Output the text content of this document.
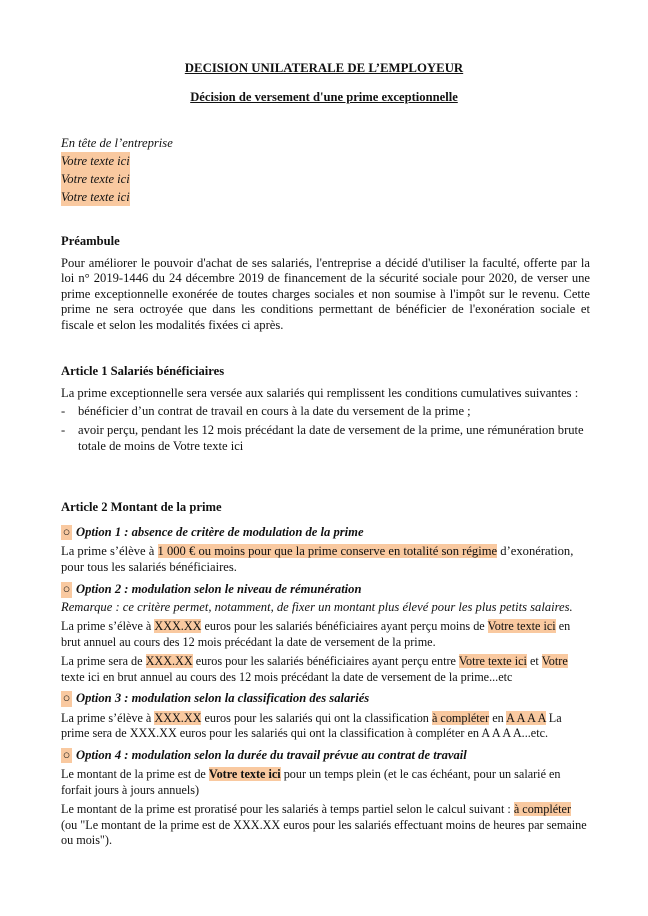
DECISION UNILATERALE DE L’EMPLOYEUR
Décision de versement d'une prime exceptionnelle

En tête de l’entreprise

Votre texte ici

Votre texte ici

Votre texte ici

Préambule

Pour améliorer le pouvoir d'achat de ses salariés, l'entreprise a décidé d'utiliser la faculté, offerte par la loi n° 2019-1446 du 24 décembre 2019 de financement de la sécurité sociale pour 2020, de verser une prime exceptionnelle exonérée de toutes charges sociales et non soumise à l'impôt sur le revenu. Cette prime ne sera octroyée que dans les conditions permettant de bénéficier de l'exonération sociale et fiscale et selon les modalités fixées ci après.

Article 1 Salariés bénéficiaires

La prime exceptionnelle sera versée aux salariés qui remplissent les conditions cumulatives suivantes :

-	bénéficier d’un contrat de travail en cours à la date du versement de la prime ;

-	avoir perçu, pendant les 12 mois précédant la date de versement de la prime, une rémunération brute totale de moins de Votre texte ici

Article 2 Montant de la prime

○ Option 1 : absence de critère de modulation de la prime

La prime s’élève à 1 000 € ou moins pour que la prime conserve en totalité son régime d’exonération, pour tous les salariés bénéficiaires.

○ Option 2 : modulation selon le niveau de rémunération

Remarque : ce critère permet, notamment, de fixer un montant plus élevé pour les plus petits salaires.

La prime s’élève à XXX.XX euros pour les salariés bénéficiaires ayant perçu moins de Votre texte ici en brut annuel au cours des 12 mois précédant la date de versement de la prime.

La prime sera de XXX.XX euros pour les salariés bénéficiaires ayant perçu entre Votre texte ici et Votre texte ici en brut annuel au cours des 12 mois précédant la date de versement de la prime...etc

○ Option 3 : modulation selon la classification des salariés

La prime s’élève à XXX.XX euros pour les salariés qui ont la classification à compléter en A A A A La prime sera de XXX.XX euros pour les salariés qui ont la classification à compléter en A A A A...etc.

○ Option 4 : modulation selon la durée du travail prévue au contrat de travail

Le montant de la prime est de Votre texte ici pour un temps plein (et le cas échéant, pour un salarié en forfait jours à jours annuels)

Le montant de la prime est proratisé pour les salariés à temps partiel selon le calcul suivant : à compléter (ou "Le montant de la prime est de XXX.XX euros pour les salariés effectuant moins de heures par semaine ou mois").
